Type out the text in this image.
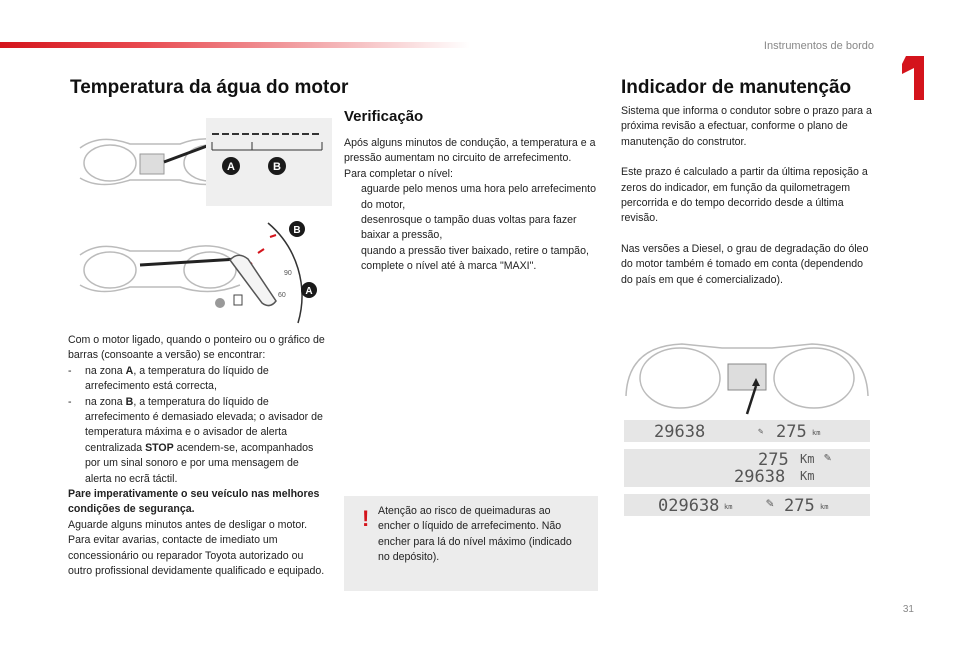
Instrumentos de bordo
31
Temperatura da água do motor
A	B
90
60
B
A

Com o motor ligado, quando o ponteiro ou o gráfico de barras (consoante a versão) se encontrar:

-	na zona A, a temperatura do líquido de arrefecimento está correcta,
-	na zona B, a temperatura do líquido de arrefecimento é demasiado elevada; o avisador de temperatura máxima e o avisador de alerta centralizada STOP acendem-se, acompanhados por um sinal sonoro e por uma mensagem de alerta no ecrã táctil.

Pare imperativamente o seu veículo nas melhores condições de segurança.

Aguarde alguns minutos antes de desligar o motor. Para evitar avarias, contacte de imediato um concessionário ou reparador Toyota autorizado ou outro profissional devidamente qualificado e equipado.

Verificação

Após alguns minutos de condução, a temperatura e a pressão aumentam no circuito de arrefecimento.

Para completar o nível:

aguarde pelo menos uma hora pelo arrefecimento do motor,
desenrosque o tampão duas voltas para fazer baixar a pressão,
quando a pressão tiver baixado, retire o tampão,
complete o nível até à marca "MAXI".
! Atenção ao risco de queimaduras ao encher o líquido de arrefecimento. Não encher para lá do nível máximo (indicado no depósito).
Indicador de manutenção

Sistema que informa o condutor sobre o prazo para a próxima revisão a efectuar, conforme o plano de manutenção do construtor.

Este prazo é calculado a partir da última reposição a zeros do indicador, em função da quilometragem percorrida e do tempo decorrido desde a última revisão.

Nas versões a Diesel, o grau de degradação do óleo do motor também é tomado em conta (dependendo do país em que é comercializado).

29638	✎ 275 km
275 Km ✎
29638 Km
029638 km	✎ 275 km
